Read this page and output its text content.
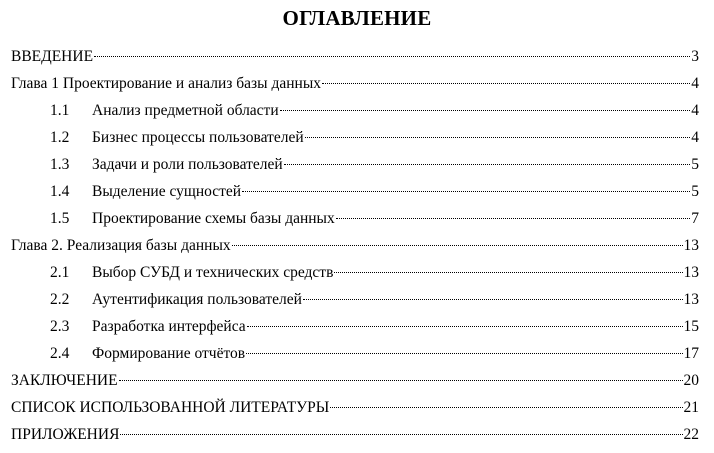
ОГЛАВЛЕНИЕ
ВВЕДЕНИЕ	3
Глава 1 Проектирование и анализ базы данных	4
1.1	Анализ предметной области	4
1.2	Бизнес процессы пользователей	4
1.3	Задачи и роли пользователей	5
1.4	Выделение сущностей	5
1.5	Проектирование схемы базы данных	7
Глава 2. Реализация базы данных	13
2.1	Выбор СУБД и технических средств	13
2.2	Аутентификация пользователей	13
2.3	Разработка интерфейса	15
2.4	Формирование отчётов	17
ЗАКЛЮЧЕНИЕ	20
СПИСОК ИСПОЛЬЗОВАННОЙ ЛИТЕРАТУРЫ	21
ПРИЛОЖЕНИЯ	22
